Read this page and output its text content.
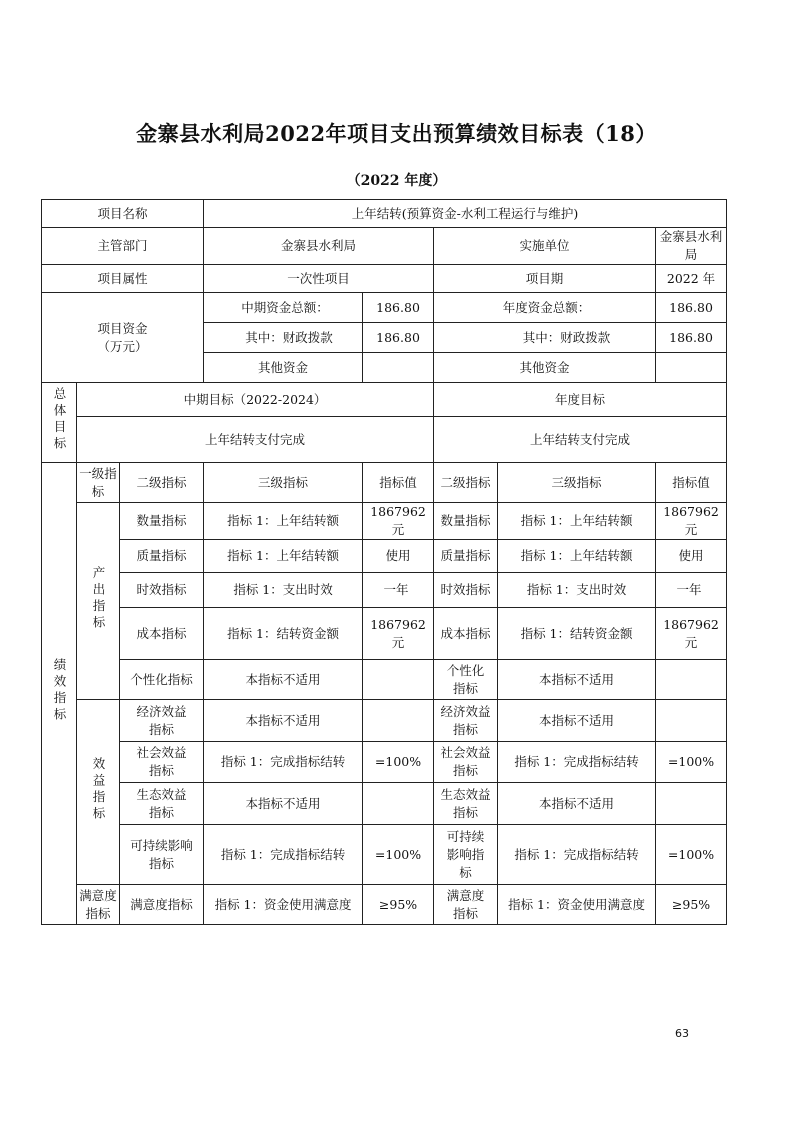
金寨县水利局2022年项目支出预算绩效目标表（18）
（2022 年度）
项目名称			上年结转(预算资金-水利工程运行与维护)				
主管部门			金寨县水利局		实施单位		金寨县水利局
项目属性			一次性项目		项目期		2022 年
项目资金
（万元）			中期资金总额：	186.80	年度资金总额：		186.80
			其中：财政拨款	186.80	其中：财政拨款		186.80
			其他资金		其他资金		
总体目标	中期目标（2022-2024）				年度目标		
	上年结转支付完成				上年结转支付完成		
绩效指标	一级指标	二级指标	三级指标	指标值	二级指标	三级指标	指标值
	产出指标	数量指标	指标 1：上年结转额	1867962 元	数量指标	指标 1：上年结转额	1867962 元
		质量指标	指标 1：上年结转额	使用	质量指标	指标 1：上年结转额	使用
		时效指标	指标 1：支出时效	一年	时效指标	指标 1：支出时效	一年
		成本指标	指标 1：结转资金额	1867962 元	成本指标	指标 1：结转资金额	1867962 元
		个性化指标	本指标不适用		个性化指标	本指标不适用	
	效益指标	经济效益指标	本指标不适用		经济效益指标	本指标不适用	
		社会效益指标	指标 1：完成指标结转	=100%	社会效益指标	指标 1：完成指标结转	=100%
		生态效益指标	本指标不适用		生态效益指标	本指标不适用	
		可持续影响指标	指标 1：完成指标结转	=100%	可持续影响指标	指标 1：完成指标结转	=100%
	满意度指标	满意度指标	指标 1：资金使用满意度	≥95%	满意度指标	指标 1：资金使用满意度	≥95%
63
